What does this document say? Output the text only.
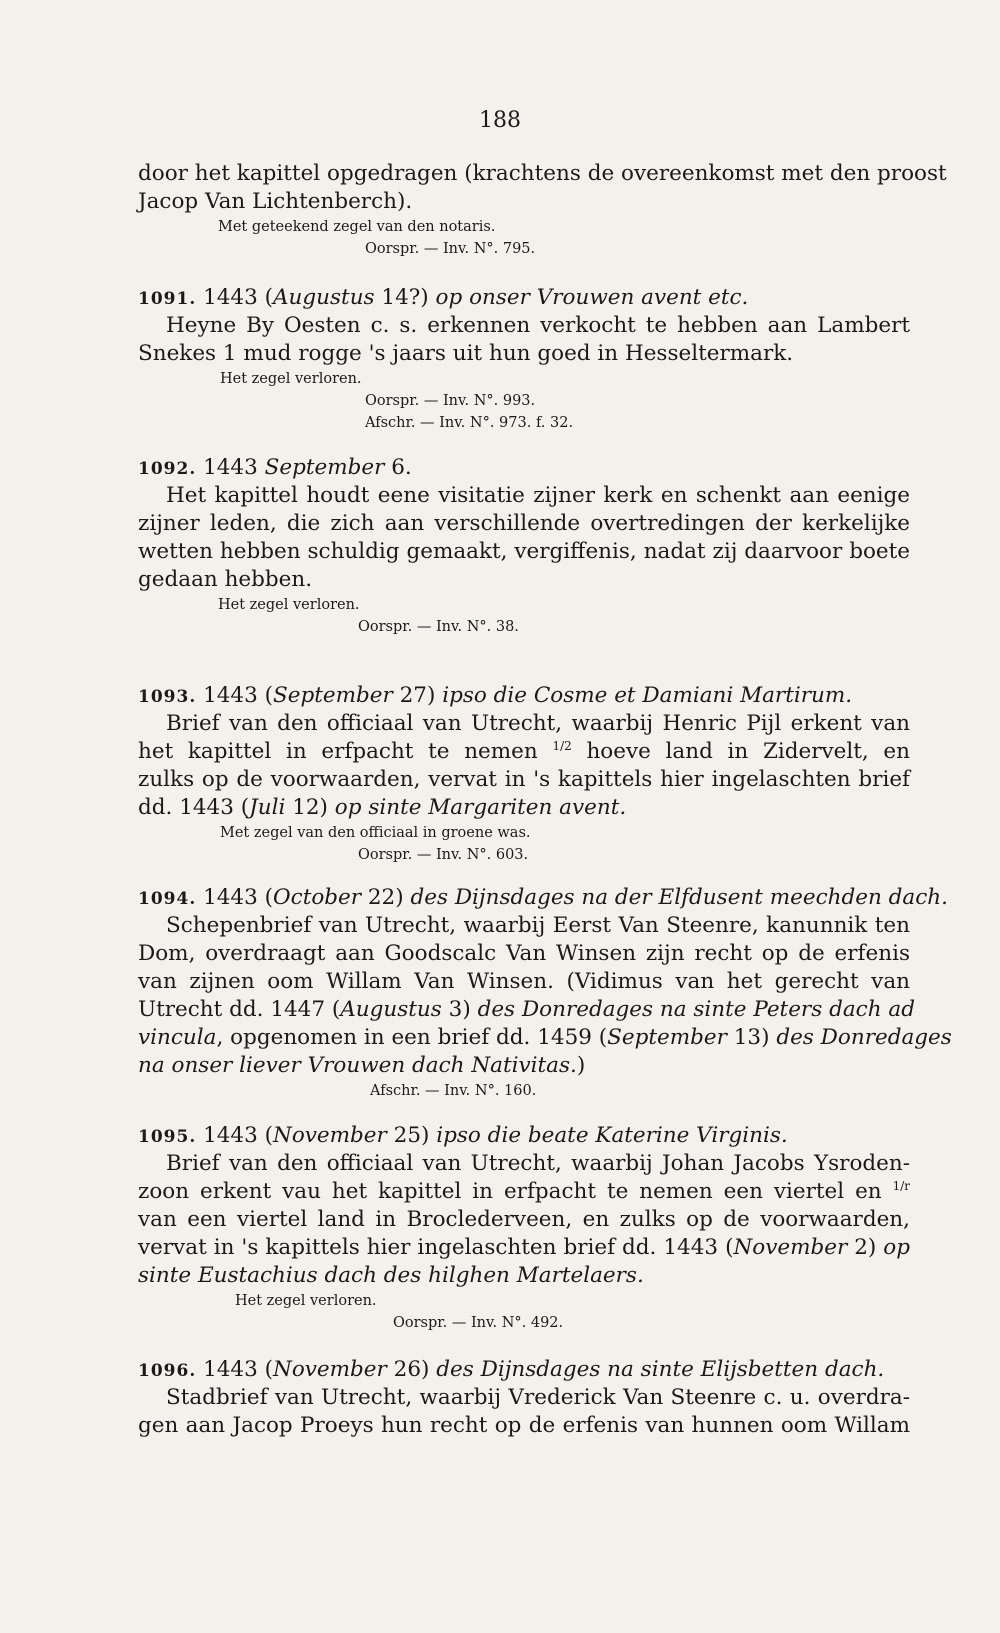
188
door het kapittel opgedragen (krachtens de overeenkomst met den proost
Jacop Van Lichtenberch).
Met geteekend zegel van den notaris.
Oorspr. — Inv. N°. 795.
1091. 1443 (Augustus 14?) op onser Vrouwen avent etc.
Heyne By Oesten c. s. erkennen verkocht te hebben aan Lambert
Snekes 1 mud rogge 's jaars uit hun goed in Hesseltermark.
Het zegel verloren.
Oorspr. — Inv. N°. 993.
Afschr. — Inv. N°. 973. f. 32.
1092. 1443 September 6.
Het kapittel houdt eene visitatie zijner kerk en schenkt aan eenige
zijner leden, die zich aan verschillende overtredingen der kerkelijke
wetten hebben schuldig gemaakt, vergiffenis, nadat zij daarvoor boete
gedaan hebben.
Het zegel verloren.
Oorspr. — Inv. N°. 38.
1093. 1443 (September 27) ipso die Cosme et Damiani Martirum.
Brief van den officiaal van Utrecht, waarbij Henric Pijl erkent van
het kapittel in erfpacht te nemen $^{1/2}$ hoeve land in Zidervelt, en
zulks op de voorwaarden, vervat in 's kapittels hier ingelaschten brief
dd. 1443 (Juli 12) op sinte Margariten avent.
Met zegel van den officiaal in groene was.
Oorspr. — Inv. N°. 603.
1094. 1443 (October 22) des Dijnsdages na der Elfdusent meechden dach.
Schepenbrief van Utrecht, waarbij Eerst Van Steenre, kanunnik ten
Dom, overdraagt aan Goodscalc Van Winsen zijn recht op de erfenis
van zijnen oom Willam Van Winsen. (Vidimus van het gerecht van
Utrecht dd. 1447 (Augustus 3) des Donredages na sinte Peters dach ad
vincula, opgenomen in een brief dd. 1459 (September 13) des Donredages
na onser liever Vrouwen dach Nativitas.)
Afschr. — Inv. N°. 160.
1095. 1443 (November 25) ipso die beate Katerine Virginis.
Brief van den officiaal van Utrecht, waarbij Johan Jacobs Ysroden-
zoon erkent vau het kapittel in erfpacht te nemen een viertel en $^{1/r}$
van een viertel land in Broclederveen, en zulks op de voorwaarden,
vervat in 's kapittels hier ingelaschten brief dd. 1443 (November 2) op
sinte Eustachius dach des hilghen Martelaers.
Het zegel verloren.
Oorspr. — Inv. N°. 492.
1096. 1443 (November 26) des Dijnsdages na sinte Elijsbetten dach.
Stadbrief van Utrecht, waarbij Vrederick Van Steenre c. u. overdra-
gen aan Jacop Proeys hun recht op de erfenis van hunnen oom Willam
